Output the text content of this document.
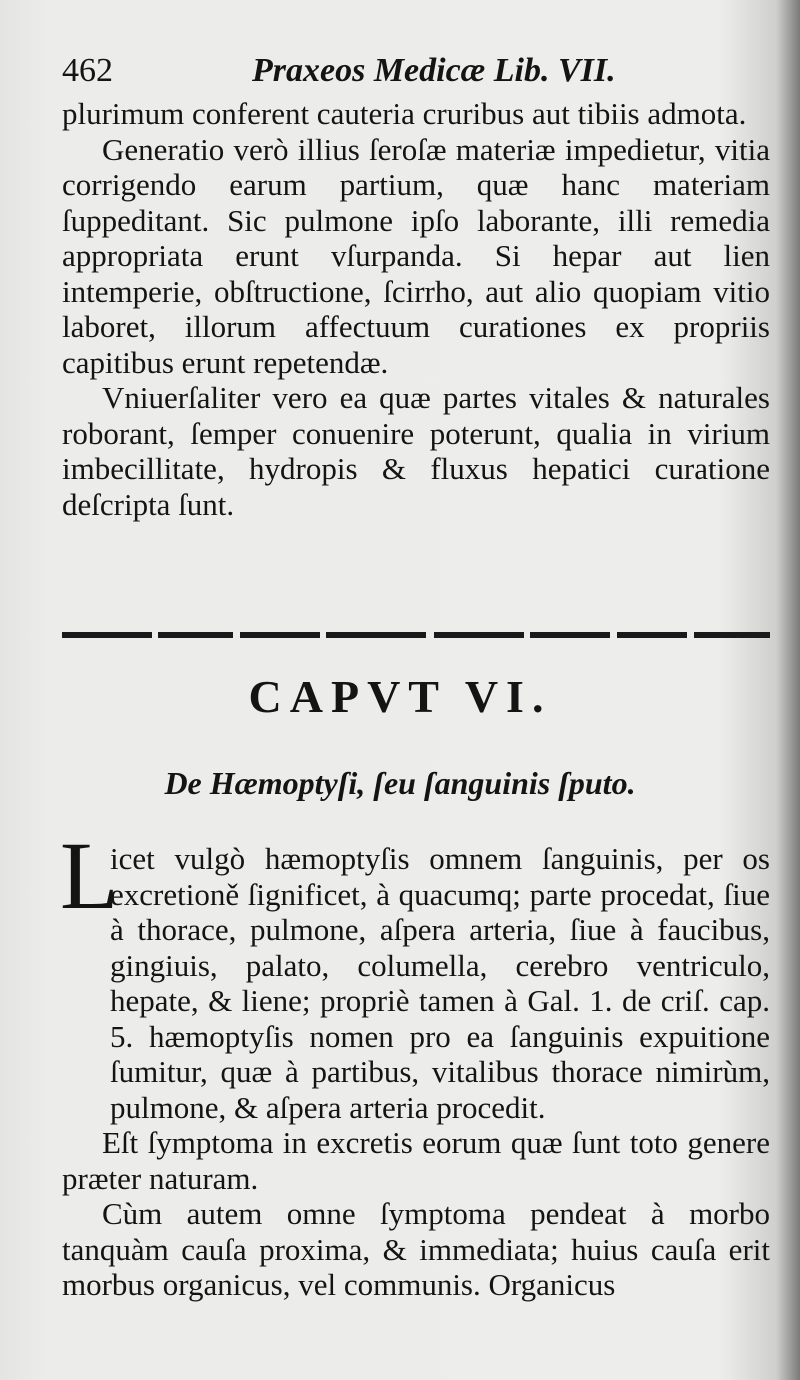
462	Praxeos Medicæ Lib. VII.

plurimum conferent cauteria cruribus aut tibiis admota.

Generatio verò illius ſeroſæ materiæ impedietur, vitia corrigendo earum partium, quæ hanc materiam ſuppeditant. Sic pulmone ipſo laborante, illi remedia appropriata erunt vſurpanda. Si hepar aut lien intemperie, obſtructione, ſcirrho, aut alio quopiam vitio laboret, illorum affectuum curationes ex propriis capitibus erunt repetendæ.

Vniuerſaliter vero ea quæ partes vitales & naturales roborant, ſemper conuenire poterunt, qualia in virium imbecillitate, hydropis & fluxus hepatici curatione deſcripta ſunt.

CAPVT VI.
De Hæmoptyſi, ſeu ſanguinis ſputo.
L

icet vulgò hæmoptyſis omnem ſanguinis, per os excretioně ſignificet, à quacumq; parte procedat, ſiue à thorace, pulmone, aſpera arteria, ſiue à faucibus, gingiuis, palato, columella, cerebro ventriculo, hepate, & liene; propriè tamen à Gal. 1. de criſ. cap. 5. hæmoptyſis nomen pro ea ſanguinis expuitione ſumitur, quæ à partibus, vitalibus thorace nimirùm, pulmone, & aſpera arteria procedit.

Eſt ſymptoma in excretis eorum quæ ſunt toto genere præter naturam.

Cùm autem omne ſymptoma pendeat à morbo tanquàm cauſa proxima, & immediata; huius cauſa erit morbus organicus, vel communis. Organicus
